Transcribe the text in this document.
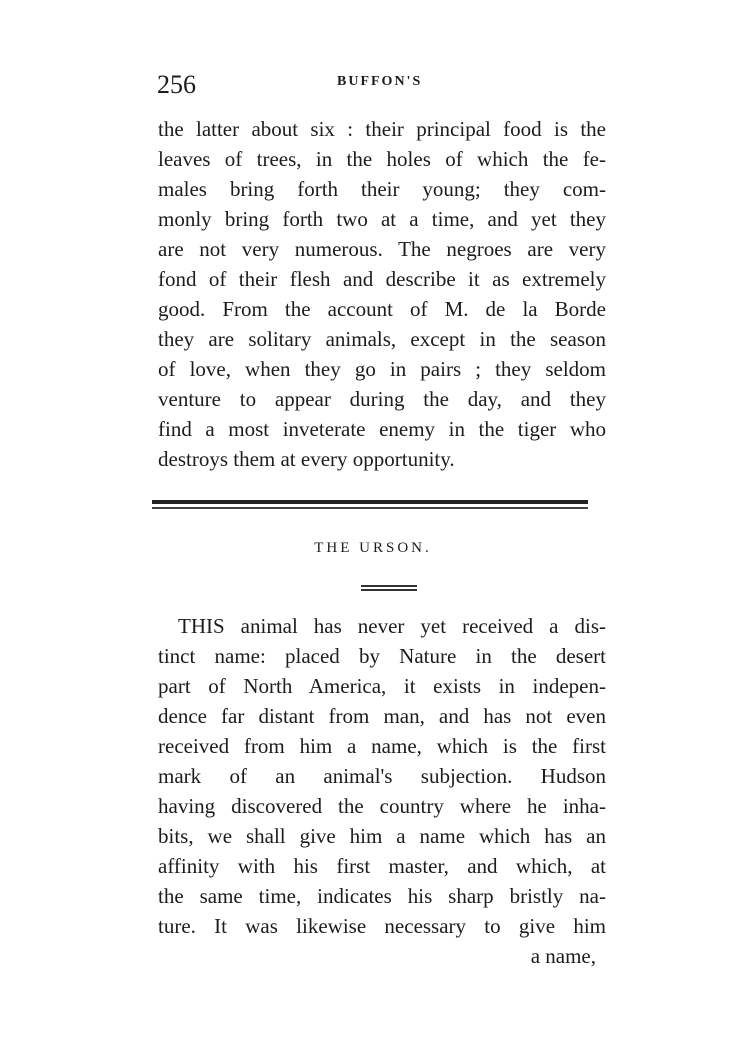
256	BUFFON'S
the latter about six : their principal food is the
leaves of trees, in the holes of which the fe-
males bring forth their young; they com-
monly bring forth two at a time, and yet they
are not very numerous. The negroes are very
fond of their flesh and describe it as extremely
good. From the account of M. de la Borde
they are solitary animals, except in the season
of love, when they go in pairs ; they seldom
venture to appear during the day, and they
find a most inveterate enemy in the tiger who
destroys them at every opportunity.
THE URSON.
THIS animal has never yet received a dis-
tinct name: placed by Nature in the desert
part of North America, it exists in indepen-
dence far distant from man, and has not even
received from him a name, which is the first
mark of an animal's subjection. Hudson
having discovered the country where he inha-
bits, we shall give him a name which has an
affinity with his first master, and which, at
the same time, indicates his sharp bristly na-
ture. It was likewise necessary to give him
a name,
